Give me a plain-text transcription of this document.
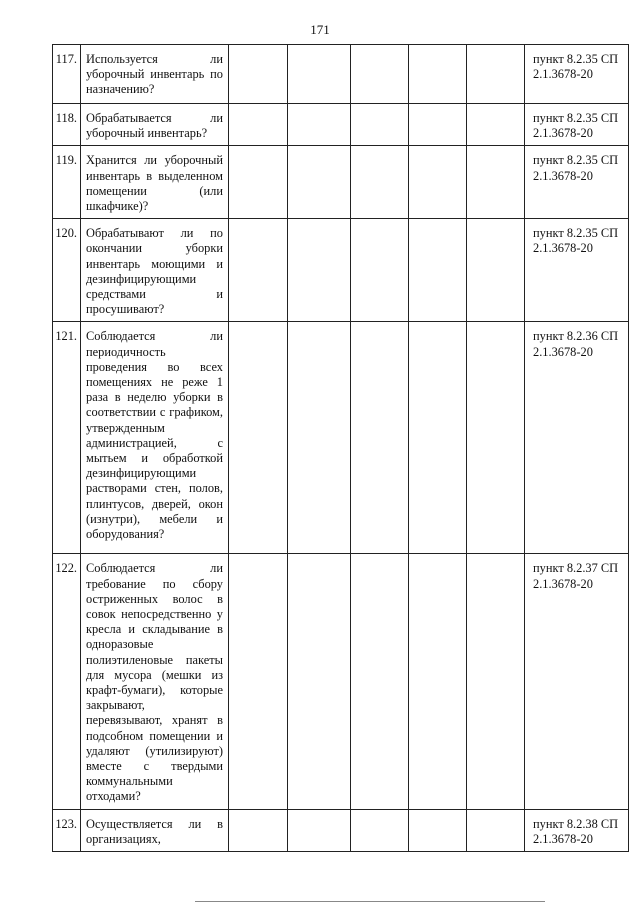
171
117.	Используется ли уборочный инвентарь по назначению?						пункт 8.2.35 СП 2.1.3678-20
118.	Обрабатывается ли уборочный инвентарь?						пункт 8.2.35 СП 2.1.3678-20
119.	Хранится ли уборочный инвентарь в выделенном помещении (или шкафчике)?						пункт 8.2.35 СП 2.1.3678-20
120.	Обрабатывают ли по окончании уборки инвентарь моющими и дезинфицирующими средствами и просушивают?						пункт 8.2.35 СП 2.1.3678-20
121.	Соблюдается ли периодичность проведения во всех помещениях не реже 1 раза в неделю уборки в соответствии с графиком, утвержденным администрацией, с мытьем и обработкой дезинфицирующими растворами стен, полов, плинтусов, дверей, окон (изнутри), мебели и оборудования?						пункт 8.2.36 СП 2.1.3678-20
122.	Соблюдается ли требование по сбору остриженных волос в совок непосредственно у кресла и складывание в одноразовые полиэтиленовые пакеты для мусора (мешки из крафт-бумаги), которые закрывают, перевязывают, хранят в подсобном помещении и удаляют (утилизируют) вместе с твердыми коммунальными отходами?						пункт 8.2.37 СП 2.1.3678-20
123.	Осуществляется ли в организациях,						пункт 8.2.38 СП 2.1.3678-20
